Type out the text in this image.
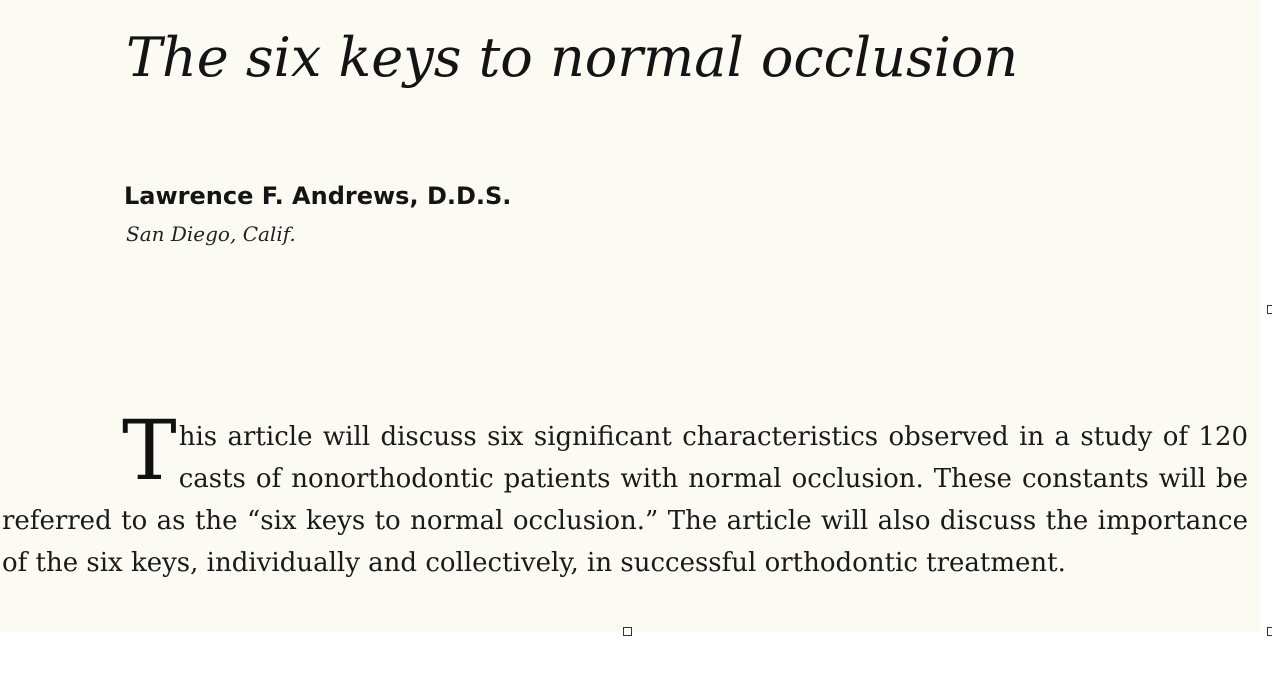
The six keys to normal occlusion
Lawrence F. Andrews, D.D.S.
San Diego, Calif.

This article will discuss six significant characteristics observed in a study of 120 casts of nonorthodontic patients with normal occlusion. These constants will be referred to as the “six keys to normal occlusion.” The article will also discuss the importance of the six keys, individually and collectively, in successful orthodontic treatment.
